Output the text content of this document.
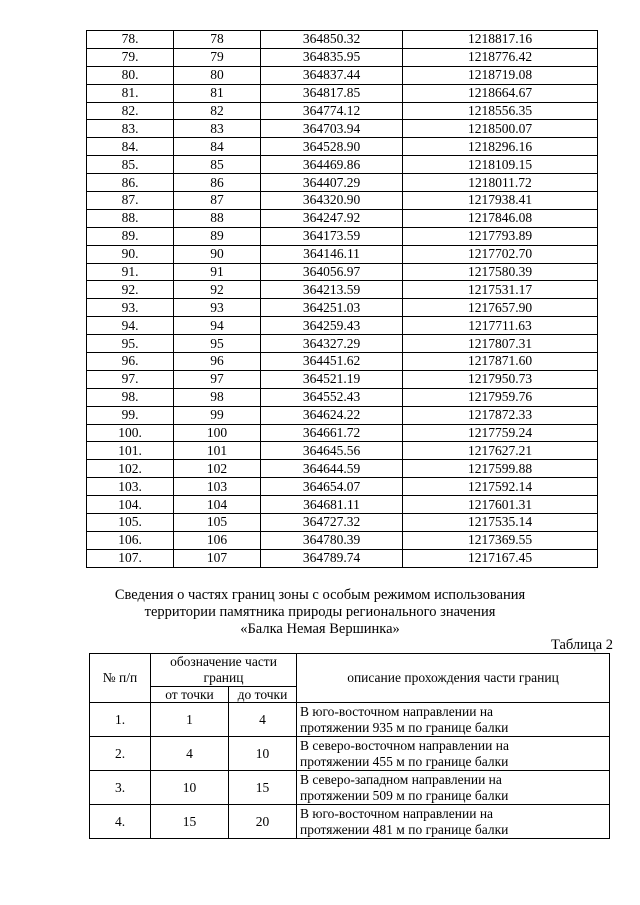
78.	78	364850.32	1218817.16
79.	79	364835.95	1218776.42
80.	80	364837.44	1218719.08
81.	81	364817.85	1218664.67
82.	82	364774.12	1218556.35
83.	83	364703.94	1218500.07
84.	84	364528.90	1218296.16
85.	85	364469.86	1218109.15
86.	86	364407.29	1218011.72
87.	87	364320.90	1217938.41
88.	88	364247.92	1217846.08
89.	89	364173.59	1217793.89
90.	90	364146.11	1217702.70
91.	91	364056.97	1217580.39
92.	92	364213.59	1217531.17
93.	93	364251.03	1217657.90
94.	94	364259.43	1217711.63
95.	95	364327.29	1217807.31
96.	96	364451.62	1217871.60
97.	97	364521.19	1217950.73
98.	98	364552.43	1217959.76
99.	99	364624.22	1217872.33
100.	100	364661.72	1217759.24
101.	101	364645.56	1217627.21
102.	102	364644.59	1217599.88
103.	103	364654.07	1217592.14
104.	104	364681.11	1217601.31
105.	105	364727.32	1217535.14
106.	106	364780.39	1217369.55
107.	107	364789.74	1217167.45
Сведения о частях границ зоны с особым режимом использования
территории памятника природы регионального значения
«Балка Немая Вершинка»
Таблица 2
№ п/п	обозначение части границ		описание прохождения части границ
	от точки	до точки	
1.	1	4	В юго-восточном направлении на
протяжении 935 м по границе балки

2.	4	10	В северо-восточном направлении на
протяжении 455 м по границе балки

3.	10	15	В северо-западном направлении на
протяжении 509 м по границе балки

4.	15	20	В юго-восточном направлении на
протяжении 481 м по границе балки
